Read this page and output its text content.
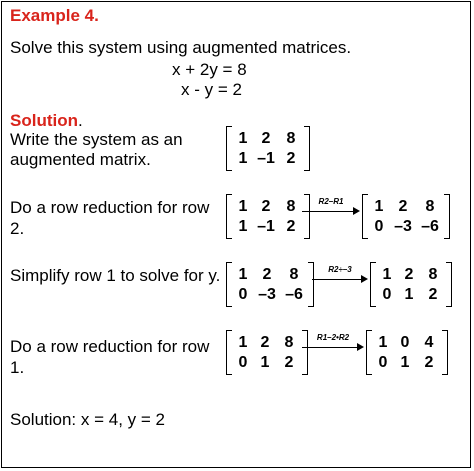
Example 4.
Solve this system using augmented matrices.
x + 2y = 8
x - y = 2
Solution.
Write the system as an
augmented matrix.
Do a row reduction for row
2.
Simplify row 1 to solve for y.
Do a row reduction for row
1.
Solution: x = 4, y = 2
1 2	8
1 –1 2
1 2	8
1 –1 2
R2–R1	1 2	8
0 –3 –6
1 2	8
0 –3 –6
R2÷–3	1 2 8
0 1 2
1 2 8
0 1 2
R1–2•R2	1 0 4
0 1 2
